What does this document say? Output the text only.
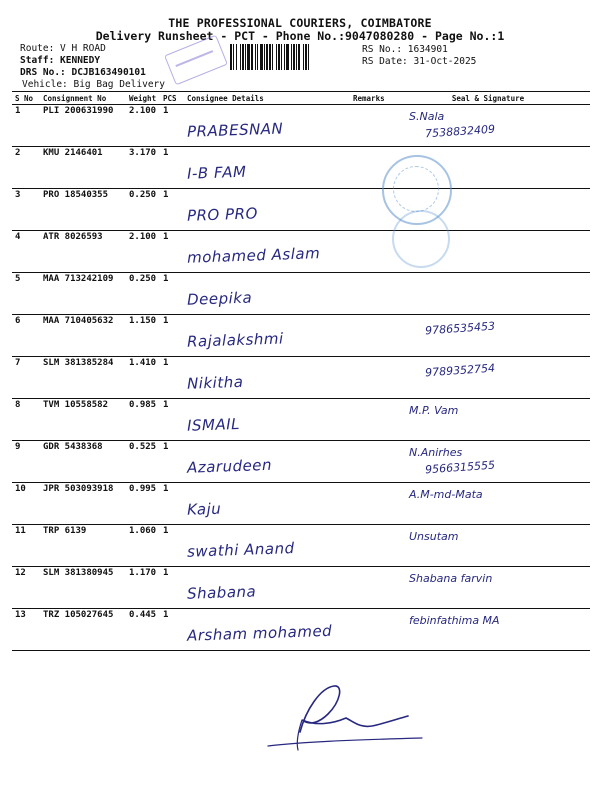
THE PROFESSIONAL COURIERS, COIMBATORE
Delivery Runsheet - PCT - Phone No.:9047080280 - Page No.:1
Route: V H ROAD
Staff: KENNEDY
DRS No.: DCJB163490101
Vehicle: Big Bag Delivery
RS No.: 1634901
RS Date: 31-Oct-2025
S No	Consignment No	Weight	PCS	Consignee Details	Remarks	Seal & Signature
1	PLI 200631990	2.100	1	PRABESNAN		S.Nala
7538832409

2	KMU 2146401	3.170	1	I-B FAM		

3	PRO 18540355	0.250	1	PRO PRO		

4	ATR 8026593	2.100	1	mohamed Aslam		

5	MAA 713242109	0.250	1	Deepika		

6	MAA 710405632	1.150	1	Rajalakshmi		9786535453

7	SLM 381385284	1.410	1	Nikitha		9789352754

8	TVM 10558582	0.985	1	ISMAIL		M.P. Vam

9	GDR 5438368	0.525	1	Azarudeen		N.Anirhes
9566315555

10	JPR 503093918	0.995	1	Kaju		A.M-md-Mata

11	TRP 6139	1.060	1	swathi Anand		Unsutam

12	SLM 381380945	1.170	1	Shabana		Shabana farvin

13	TRZ 105027645	0.445	1	Arsham mohamed		febinfathima MA
